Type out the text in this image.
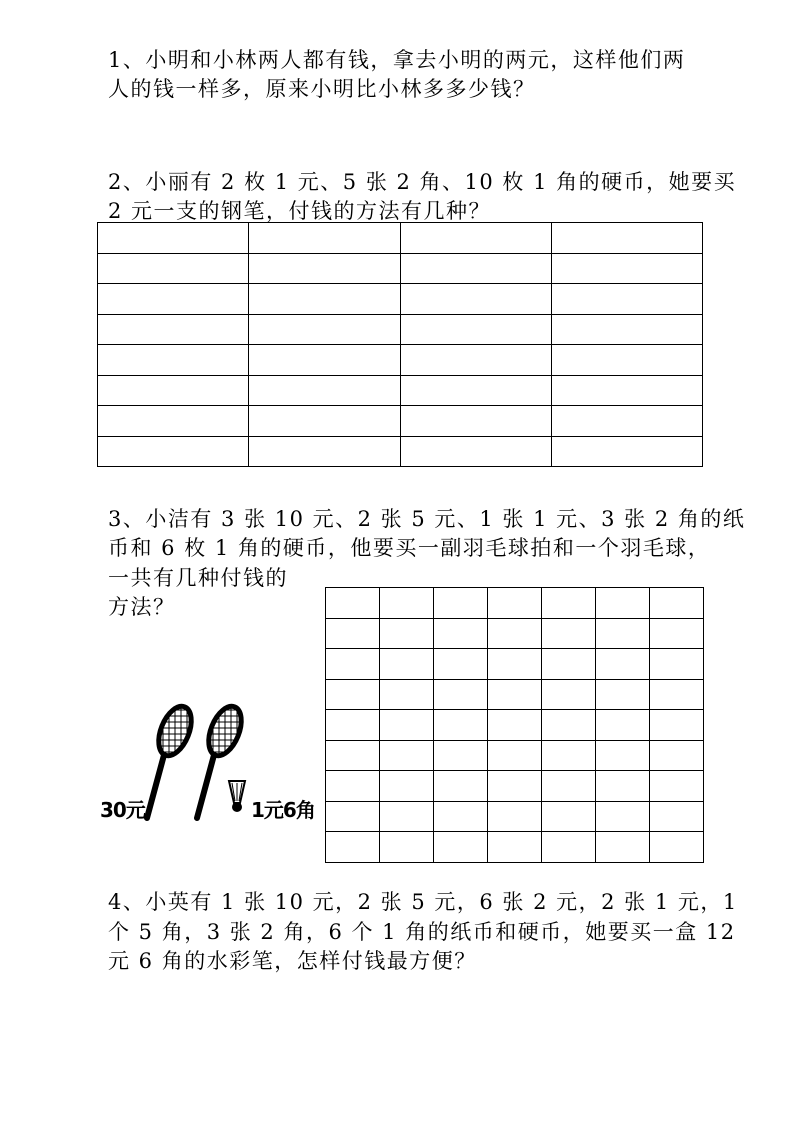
1、小明和小林两人都有钱，拿去小明的两元，这样他们两
人的钱一样多，原来小明比小林多多少钱？
2、小丽有 2 枚 1 元、5 张 2 角、10 枚 1 角的硬币，她要买
2 元一支的钢笔，付钱的方法有几种？

3、小洁有 3 张 10 元、2 张 5 元、1 张 1 元、3 张 2 角的纸
币和 6 枚 1 角的硬币，他要买一副羽毛球拍和一个羽毛球，
一共有几种付钱的
方法？

30元	1元6角
4、小英有 1 张 10 元，2 张 5 元，6 张 2 元，2 张 1 元，1
个 5 角，3 张 2 角，6 个 1 角的纸币和硬币，她要买一盒 12
元 6 角的水彩笔，怎样付钱最方便？
